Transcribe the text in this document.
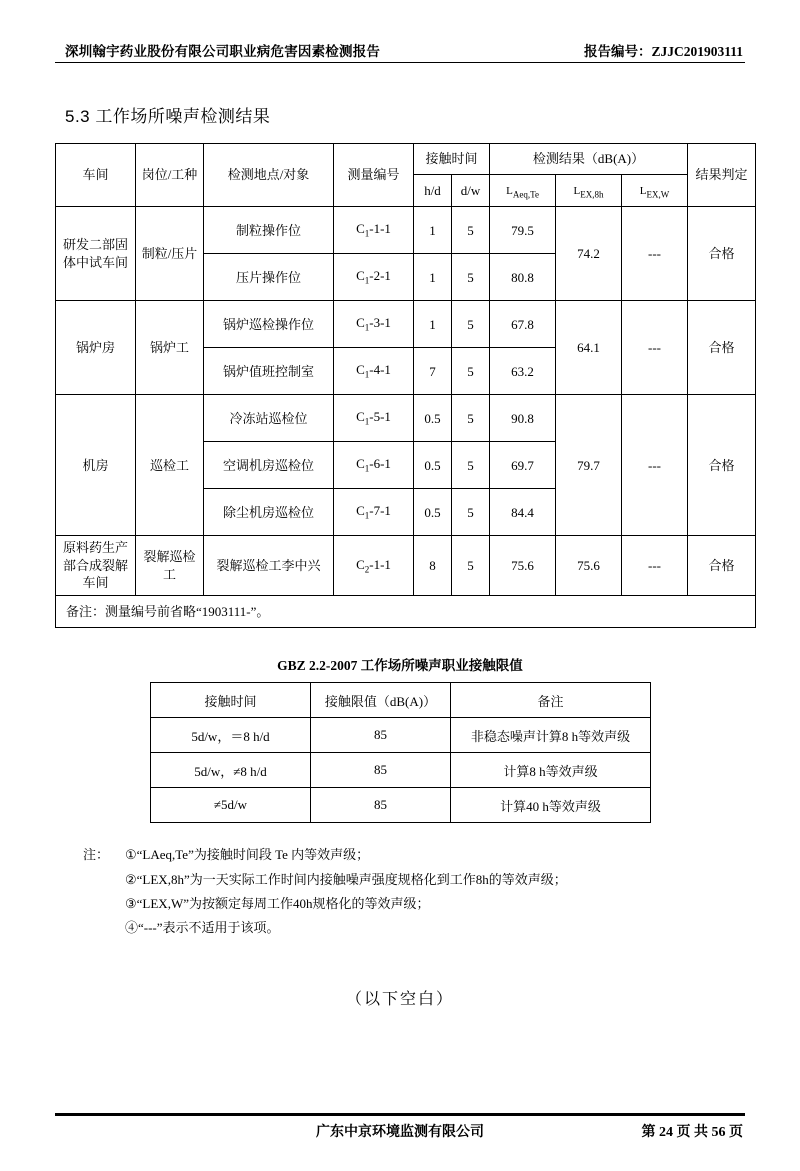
深圳翰宇药业股份有限公司职业病危害因素检测报告	报告编号：ZJJC201903111
5.3 工作场所噪声检测结果
车间	岗位/工种	检测地点/对象	测量编号	接触时间		检测结果（dB(A)）			结果判定
				h/d	d/w	$L_{Aeq,Te}$	$L_{EX,8h}$	$L_{EX,W}$
研发二部固体中试车间	制粒/压片	制粒操作位	$C_1-1-1$	1	5	79.5	74.2	---	合格
		压片操作位	$C_1-2-1$	1	5	80.8			
锅炉房	锅炉工	锅炉巡检操作位	$C_1-3-1$	1	5	67.8	64.1	---	合格
		锅炉值班控制室	$C_1-4-1$	7	5	63.2			
机房	巡检工	冷冻站巡检位	$C_1-5-1$	0.5	5	90.8	79.7	---	合格
		空调机房巡检位	$C_1-6-1$	0.5	5	69.7			
		除尘机房巡检位	$C_1-7-1$	0.5	5	84.4			
原料药生产部合成裂解车间	裂解巡检工	裂解巡检工李中兴	$C_2-1-1$	8	5	75.6	75.6	---	合格
备注：测量编号前省略“1903111-”。									
GBZ 2.2-2007 工作场所噪声职业接触限值
接触时间	接触限值（dB(A)）	备注
5d/w，＝8 h/d	85	非稳态噪声计算8 h等效声级
5d/w，≠8 h/d	85	计算8 h等效声级
≠5d/w	85	计算40 h等效声级
注： ①“LAeq,Te”为接触时间段 Te 内等效声级；
②“LEX,8h”为一天实际工作时间内接触噪声强度规格化到工作8h的等效声级；
③“LEX,W”为按额定每周工作40h规格化的等效声级；
④“---”表示不适用于该项。
（以下空白）
广东中京环境监测有限公司	第 24 页 共 56 页
